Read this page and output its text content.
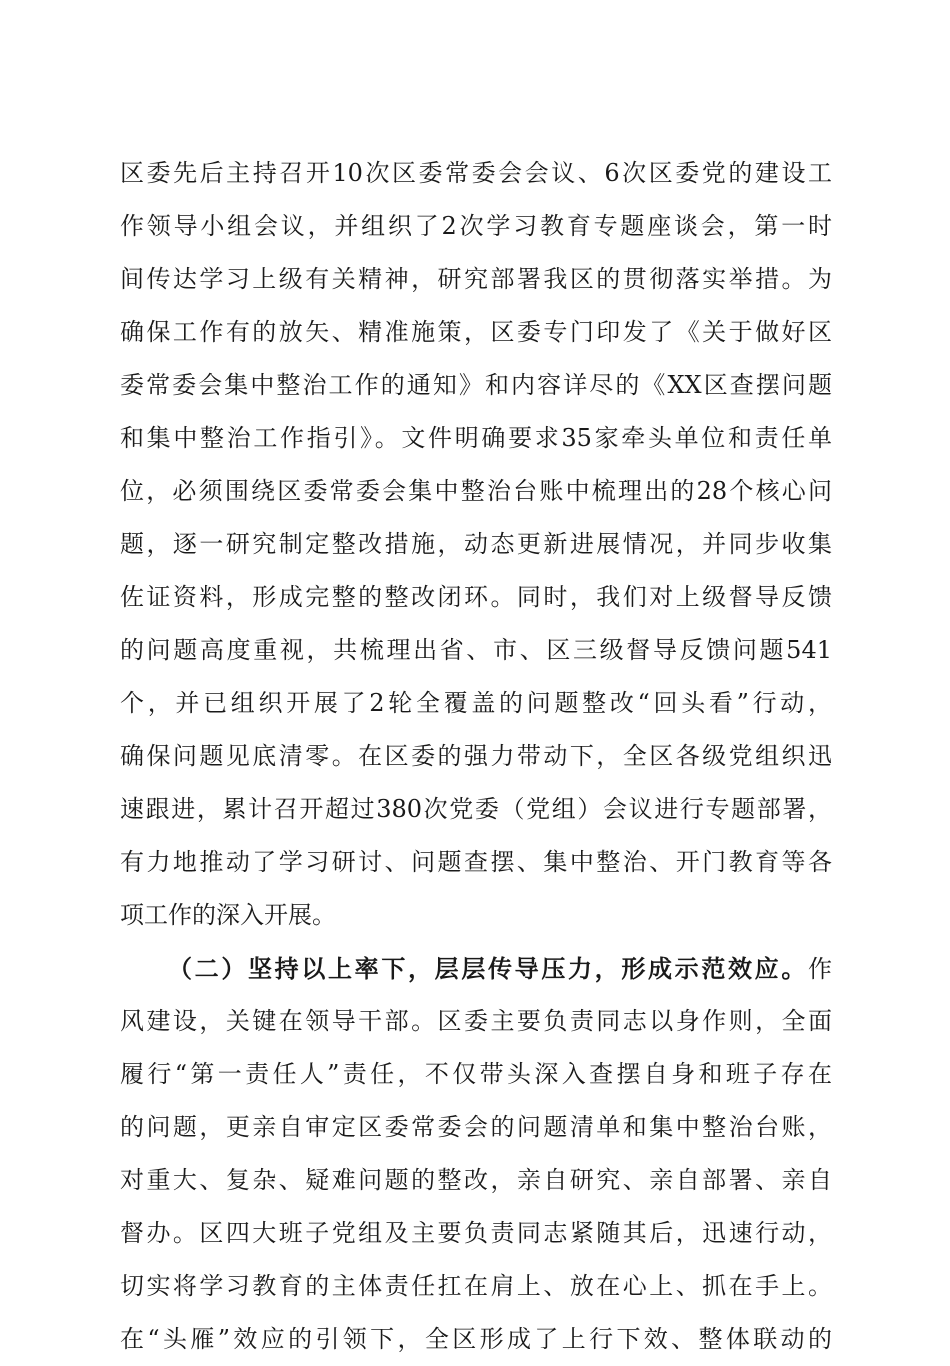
区委先后主持召开10次区委常委会会议、6次区委党的建设工
作领导小组会议，并组织了2次学习教育专题座谈会，第一时
间传达学习上级有关精神，研究部署我区的贯彻落实举措。为
确保工作有的放矢、精准施策，区委专门印发了《关于做好区
委常委会集中整治工作的通知》和内容详尽的《XX区查摆问题
和集中整治工作指引》。文件明确要求35家牵头单位和责任单
位，必须围绕区委常委会集中整治台账中梳理出的28个核心问
题，逐一研究制定整改措施，动态更新进展情况，并同步收集
佐证资料，形成完整的整改闭环。同时，我们对上级督导反馈
的问题高度重视，共梳理出省、市、区三级督导反馈问题541
个，并已组织开展了2轮全覆盖的问题整改“回头看”行动，
确保问题见底清零。在区委的强力带动下，全区各级党组织迅
速跟进，累计召开超过380次党委（党组）会议进行专题部署，
有力地推动了学习研讨、问题查摆、集中整治、开门教育等各
项工作的深入开展。
（二）坚持以上率下，层层传导压力，形成示范效应。作
风建设，关键在领导干部。区委主要负责同志以身作则，全面
履行“第一责任人”责任，不仅带头深入查摆自身和班子存在
的问题，更亲自审定区委常委会的问题清单和集中整治台账，
对重大、复杂、疑难问题的整改，亲自研究、亲自部署、亲自
督办。区四大班子党组及主要负责同志紧随其后，迅速行动，
切实将学习教育的主体责任扛在肩上、放在心上、抓在手上。
在“头雁”效应的引领下，全区形成了上行下效、整体联动的
